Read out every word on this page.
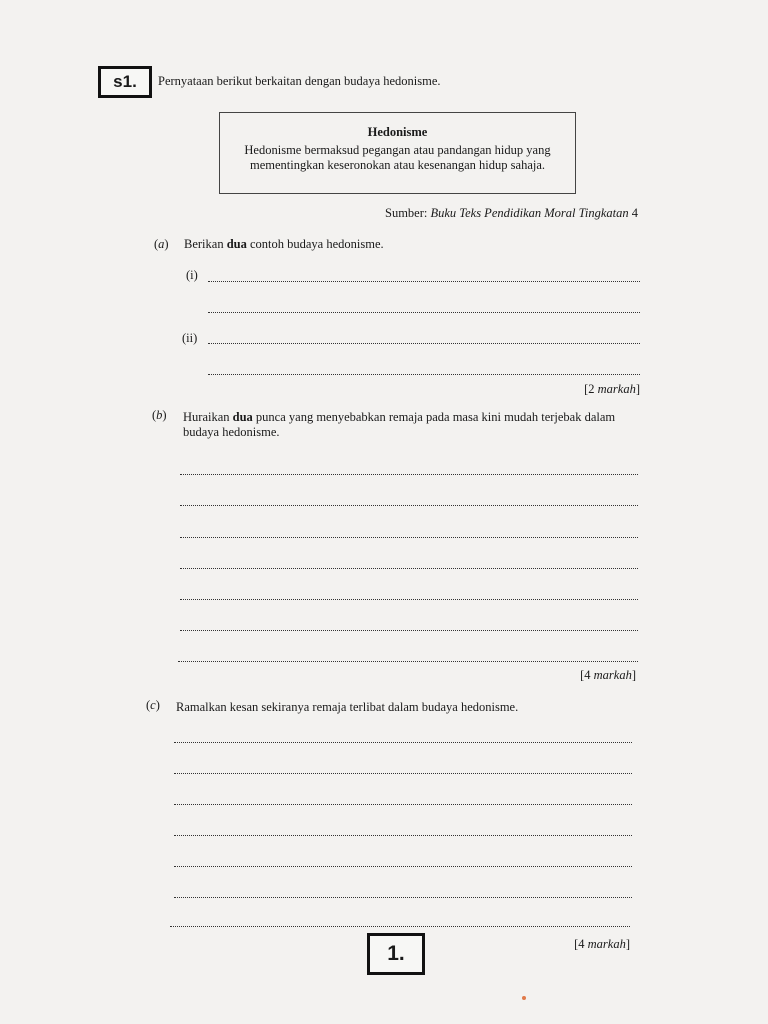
s1. Pernyataan berikut berkaitan dengan budaya hedonisme.
Hedonisme
Hedonisme bermaksud pegangan atau pandangan hidup yang
mementingkan keseronokan atau kesenangan hidup sahaja.
Sumber: Buku Teks Pendidikan Moral Tingkatan 4
(a) Berikan dua contoh budaya hedonisme.
(i)
(ii)
[2 markah]
(b) Huraikan dua punca yang menyebabkan remaja pada masa kini mudah terjebak dalam
budaya hedonisme.
[4 markah]
(c) Ramalkan kesan sekiranya remaja terlibat dalam budaya hedonisme.
1.	[4 markah]
